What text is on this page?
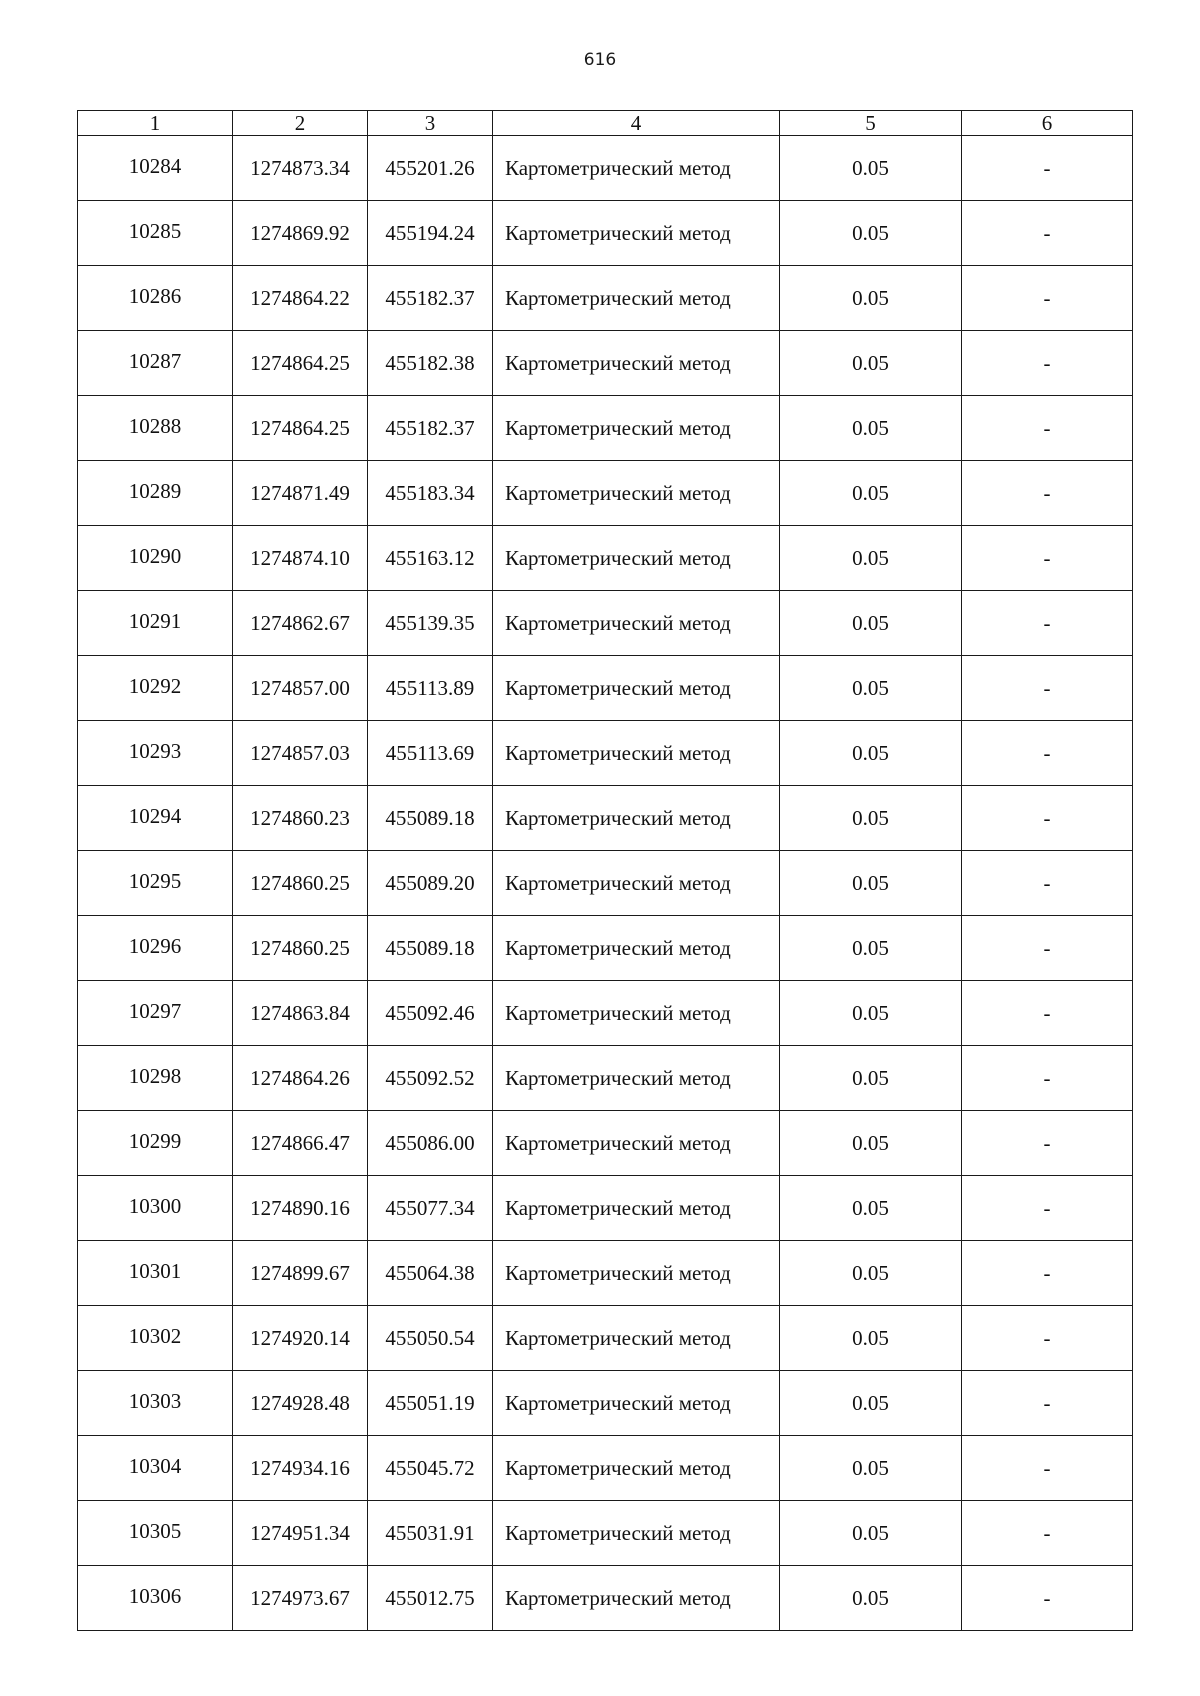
616
1	2	3	4	5	6
10284	1274873.34	455201.26	Картометрический метод	0.05	-
10285	1274869.92	455194.24	Картометрический метод	0.05	-
10286	1274864.22	455182.37	Картометрический метод	0.05	-
10287	1274864.25	455182.38	Картометрический метод	0.05	-
10288	1274864.25	455182.37	Картометрический метод	0.05	-
10289	1274871.49	455183.34	Картометрический метод	0.05	-
10290	1274874.10	455163.12	Картометрический метод	0.05	-
10291	1274862.67	455139.35	Картометрический метод	0.05	-
10292	1274857.00	455113.89	Картометрический метод	0.05	-
10293	1274857.03	455113.69	Картометрический метод	0.05	-
10294	1274860.23	455089.18	Картометрический метод	0.05	-
10295	1274860.25	455089.20	Картометрический метод	0.05	-
10296	1274860.25	455089.18	Картометрический метод	0.05	-
10297	1274863.84	455092.46	Картометрический метод	0.05	-
10298	1274864.26	455092.52	Картометрический метод	0.05	-
10299	1274866.47	455086.00	Картометрический метод	0.05	-
10300	1274890.16	455077.34	Картометрический метод	0.05	-
10301	1274899.67	455064.38	Картометрический метод	0.05	-
10302	1274920.14	455050.54	Картометрический метод	0.05	-
10303	1274928.48	455051.19	Картометрический метод	0.05	-
10304	1274934.16	455045.72	Картометрический метод	0.05	-
10305	1274951.34	455031.91	Картометрический метод	0.05	-
10306	1274973.67	455012.75	Картометрический метод	0.05	-
